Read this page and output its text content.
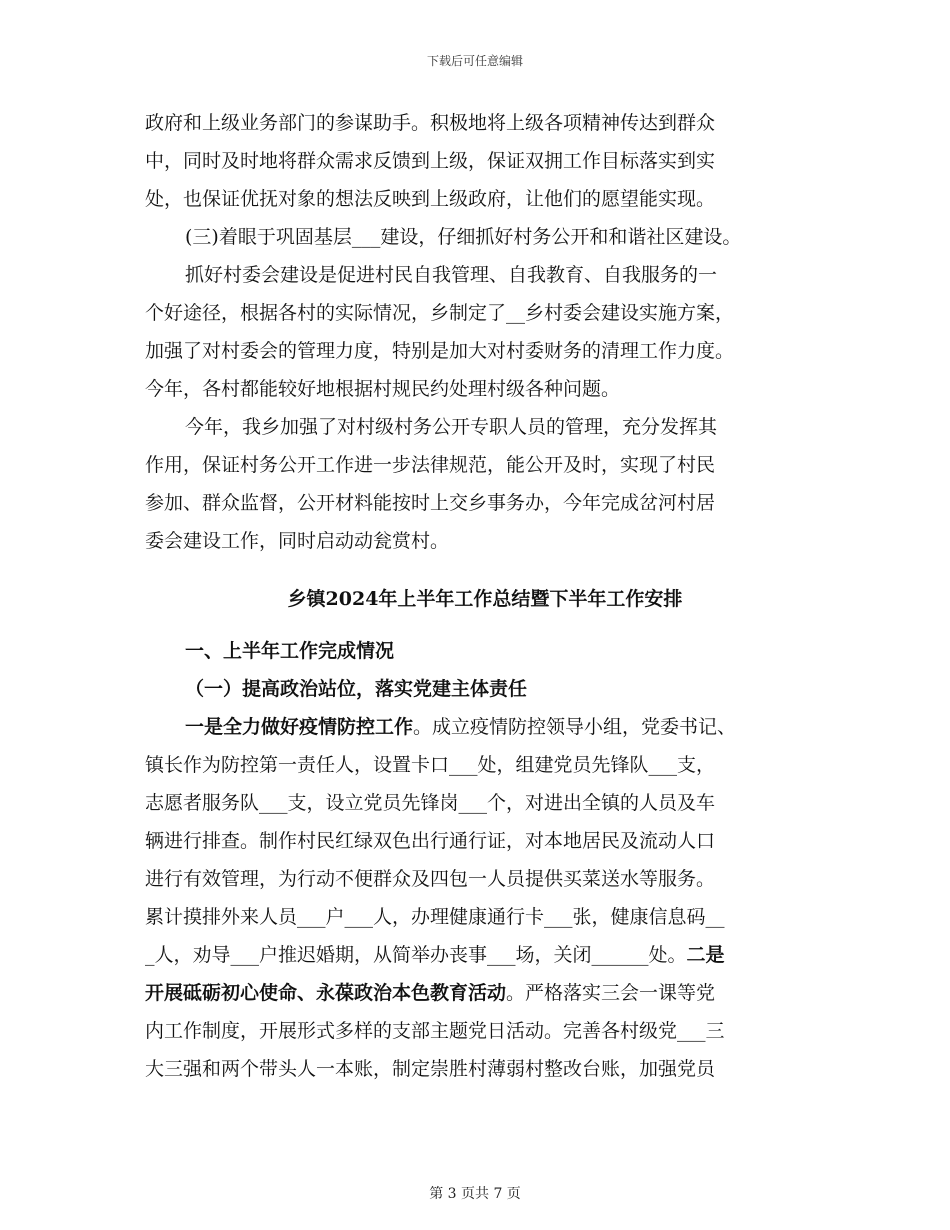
下载后可任意编辑
政府和上级业务部门的参谋助手。积极地将上级各项精神传达到群众
中，同时及时地将群众需求反馈到上级，保证双拥工作目标落实到实
处，也保证优抚对象的想法反映到上级政府，让他们的愿望能实现。
(三)着眼于巩固基层___建设，仔细抓好村务公开和和谐社区建设。
抓好村委会建设是促进村民自我管理、自我教育、自我服务的一
个好途径，根据各村的实际情况，乡制定了__乡村委会建设实施方案，
加强了对村委会的管理力度，特别是加大对村委财务的清理工作力度。
今年，各村都能较好地根据村规民约处理村级各种问题。
今年，我乡加强了对村级村务公开专职人员的管理，充分发挥其
作用，保证村务公开工作进一步法律规范，能公开及时，实现了村民
参加、群众监督，公开材料能按时上交乡事务办，今年完成岔河村居
委会建设工作，同时启动动瓮赏村。
乡镇2024年上半年工作总结暨下半年工作安排
一、上半年工作完成情况
（一）提高政治站位，落实党建主体责任
一是全力做好疫情防控工作。成立疫情防控领导小组，党委书记、
镇长作为防控第一责任人，设置卡口___处，组建党员先锋队___支，
志愿者服务队___支，设立党员先锋岗___个，对进出全镇的人员及车
辆进行排查。制作村民红绿双色出行通行证，对本地居民及流动人口
进行有效管理，为行动不便群众及四包一人员提供买菜送水等服务。
累计摸排外来人员___户___人，办理健康通行卡___张，健康信息码__
_人，劝导___户推迟婚期，从简举办丧事___场，关闭______处。二是
开展砥砺初心使命、永葆政治本色教育活动。严格落实三会一课等党
内工作制度，开展形式多样的支部主题党日活动。完善各村级党___三
大三强和两个带头人一本账，制定崇胜村薄弱村整改台账，加强党员
第 3 页共 7 页
